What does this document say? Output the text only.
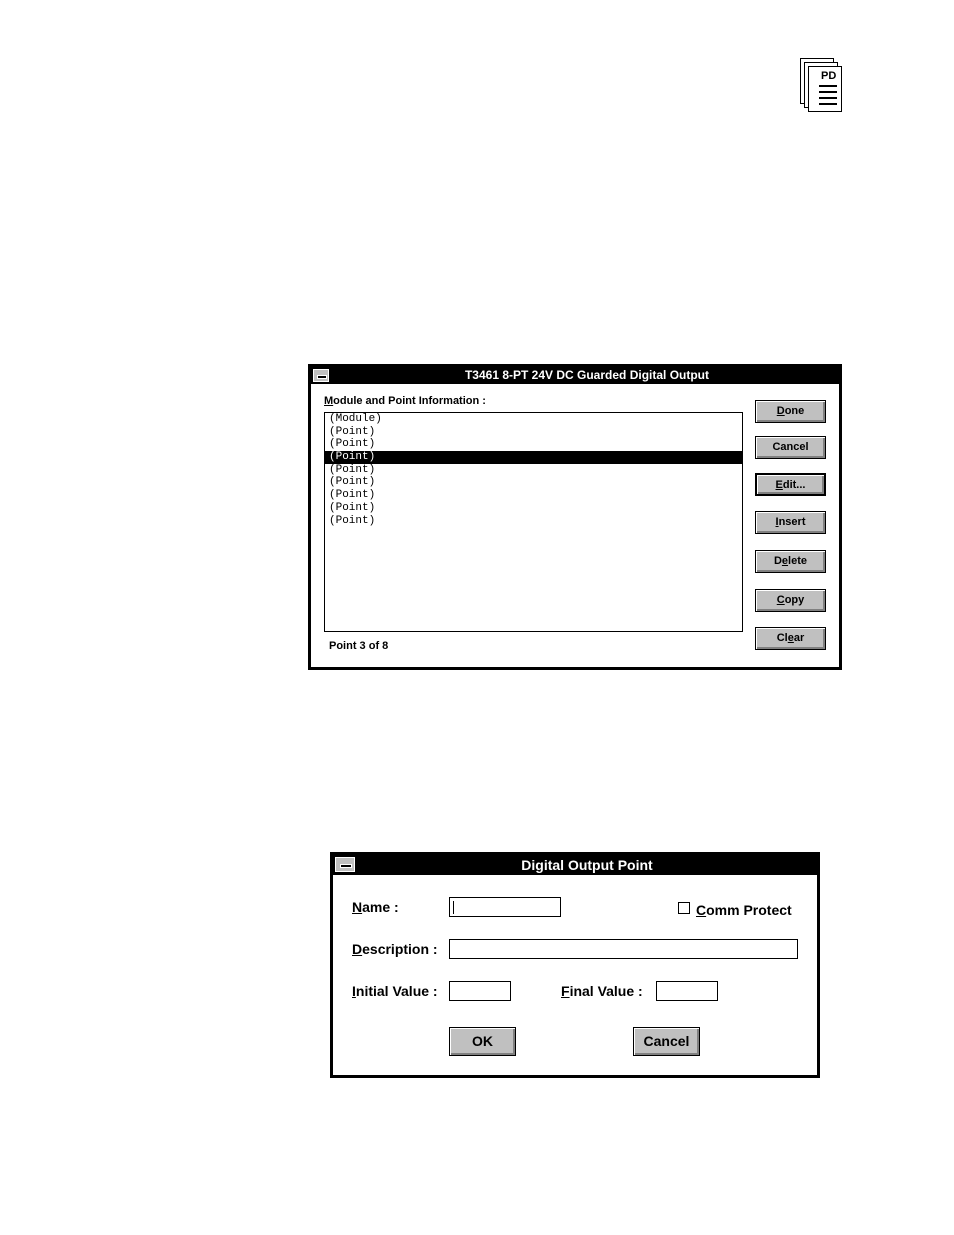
PD
T3461 8-PT 24V DC Guarded Digital Output
Module and Point Information :
(Module)
(Point)
(Point)
(Point)
(Point)
(Point)
(Point)
(Point)
(Point)
Point 3 of 8
Done
Cancel
Edit...
Insert
Delete
Copy
Clear
Digital Output Point
Name :	Comm Protect
Description :
Initial Value :	Final Value :
OK	Cancel
